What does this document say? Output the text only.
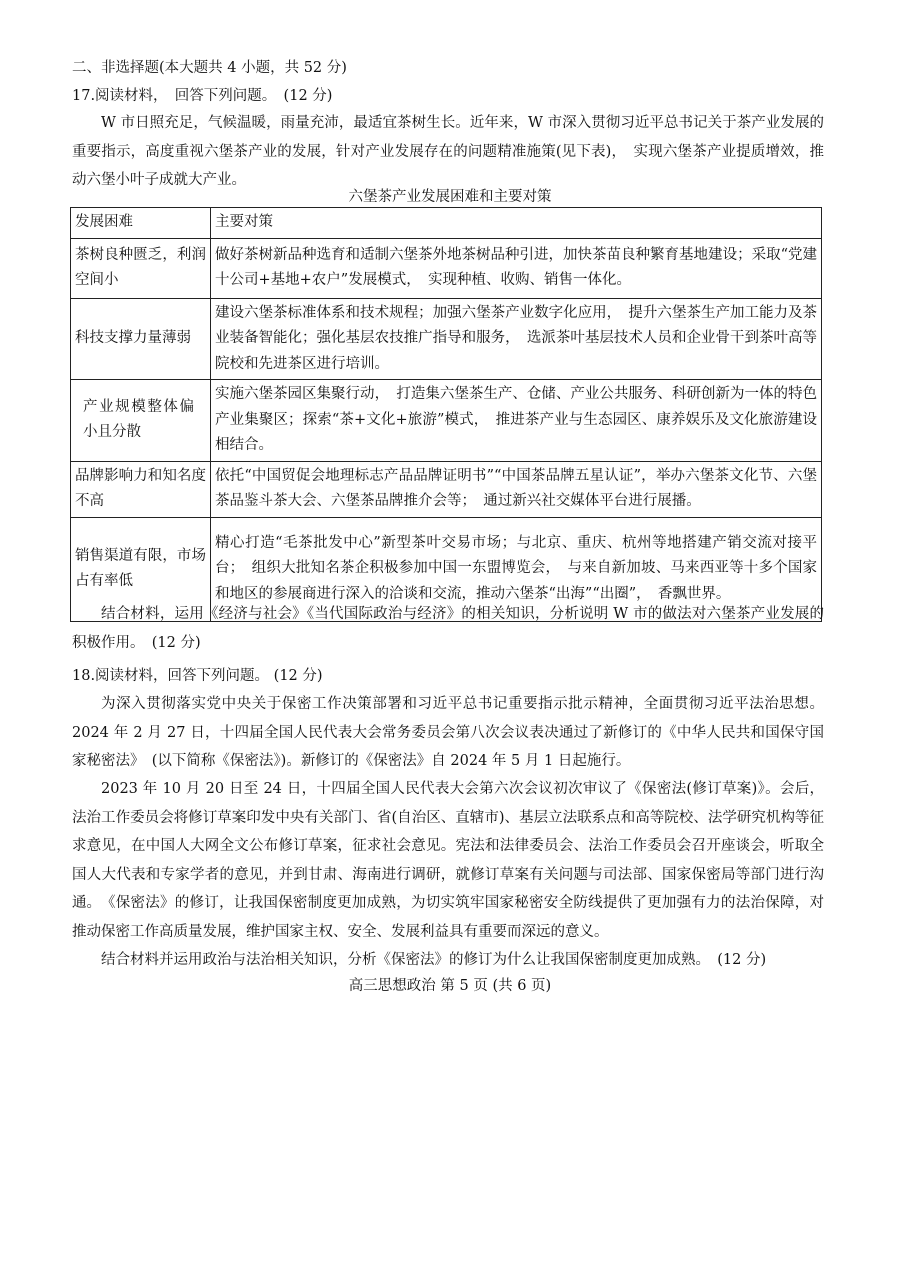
二、非选择题(本大题共 4 小题，共 52 分)
17.阅读材料，　回答下列问题。　(12 分)
W 市日照充足，气候温暖，雨量充沛，最适宜茶树生长。近年来，W 市深入贯彻习近平总书记关于茶产业发展的重要指示，高度重视六堡茶产业的发展，针对产业发展存在的问题精准施策(见下表)，　实现六堡茶产业提质增效，推动六堡小叶子成就大产业。
六堡茶产业发展困难和主要对策
发展困难	主要对策
茶树良种匮乏，利润空间小	做好茶树新品种选育和适制六堡茶外地茶树品种引进，加快茶苗良种繁育基地建设；采取“党建十公司+基地+农户”发展模式，　实现种植、收购、销售一体化。
科技支撑力量薄弱	建设六堡茶标准体系和技术规程；加强六堡茶产业数字化应用，　提升六堡茶生产加工能力及茶业装备智能化；强化基层农技推广指导和服务，　选派茶叶基层技术人员和企业骨干到茶叶高等院校和先进茶区进行培训。
产业规模整体偏小且分散	实施六堡茶园区集聚行动，　打造集六堡茶生产、仓储、产业公共服务、科研创新为一体的特色产业集聚区；探索“茶+文化+旅游”模式，　推进茶产业与生态园区、康养娱乐及文化旅游建设相结合。
品牌影响力和知名度不高	依托“中国贸促会地理标志产品品牌证明书”“中国茶品牌五星认证”，举办六堡茶文化节、六堡茶品鉴斗茶大会、六堡茶品牌推介会等；　通过新兴社交媒体平台进行展播。
销售渠道有限，市场占有率低	精心打造“毛茶批发中心”新型茶叶交易市场；与北京、重庆、杭州等地搭建产销交流对接平台；　组织大批知名茶企积极参加中国一东盟博览会，　与来自新加坡、马来西亚等十多个国家和地区的参展商进行深入的洽谈和交流，推动六堡茶“出海”“出圈”，　香飘世界。
结合材料，运用《经济与社会》《当代国际政治与经济》的相关知识，分析说明 W 市的做法对六堡茶产业发展的积极作用。　(12 分)
18.阅读材料，回答下列问题。 (12 分)
为深入贯彻落实党中央关于保密工作决策部署和习近平总书记重要指示批示精神，全面贯彻习近平法治思想。2024 年 2 月 27 日，十四届全国人民代表大会常务委员会第八次会议表决通过了新修订的《中华人民共和国保守国家秘密法》　(以下简称《保密法》)。新修订的《保密法》自 2024 年 5 月 1 日起施行。
2023 年 10 月 20 日至 24 日，十四届全国人民代表大会第六次会议初次审议了《保密法(修订草案)》。会后，法治工作委员会将修订草案印发中央有关部门、省(自治区、直辖市)、基层立法联系点和高等院校、法学研究机构等征求意见，在中国人大网全文公布修订草案，征求社会意见。宪法和法律委员会、法治工作委员会召开座谈会，听取全国人大代表和专家学者的意见，并到甘肃、海南进行调研，就修订草案有关问题与司法部、国家保密局等部门进行沟通。 《保密法》的修订，让我国保密制度更加成熟，为切实筑牢国家秘密安全防线提供了更加强有力的法治保障，对推动保密工作高质量发展，维护国家主权、安全、发展利益具有重要而深远的意义。
结合材料并运用政治与法治相关知识，分析《保密法》的修订为什么让我国保密制度更加成熟。　(12 分)
高三思想政治 第 5 页 (共 6 页)
